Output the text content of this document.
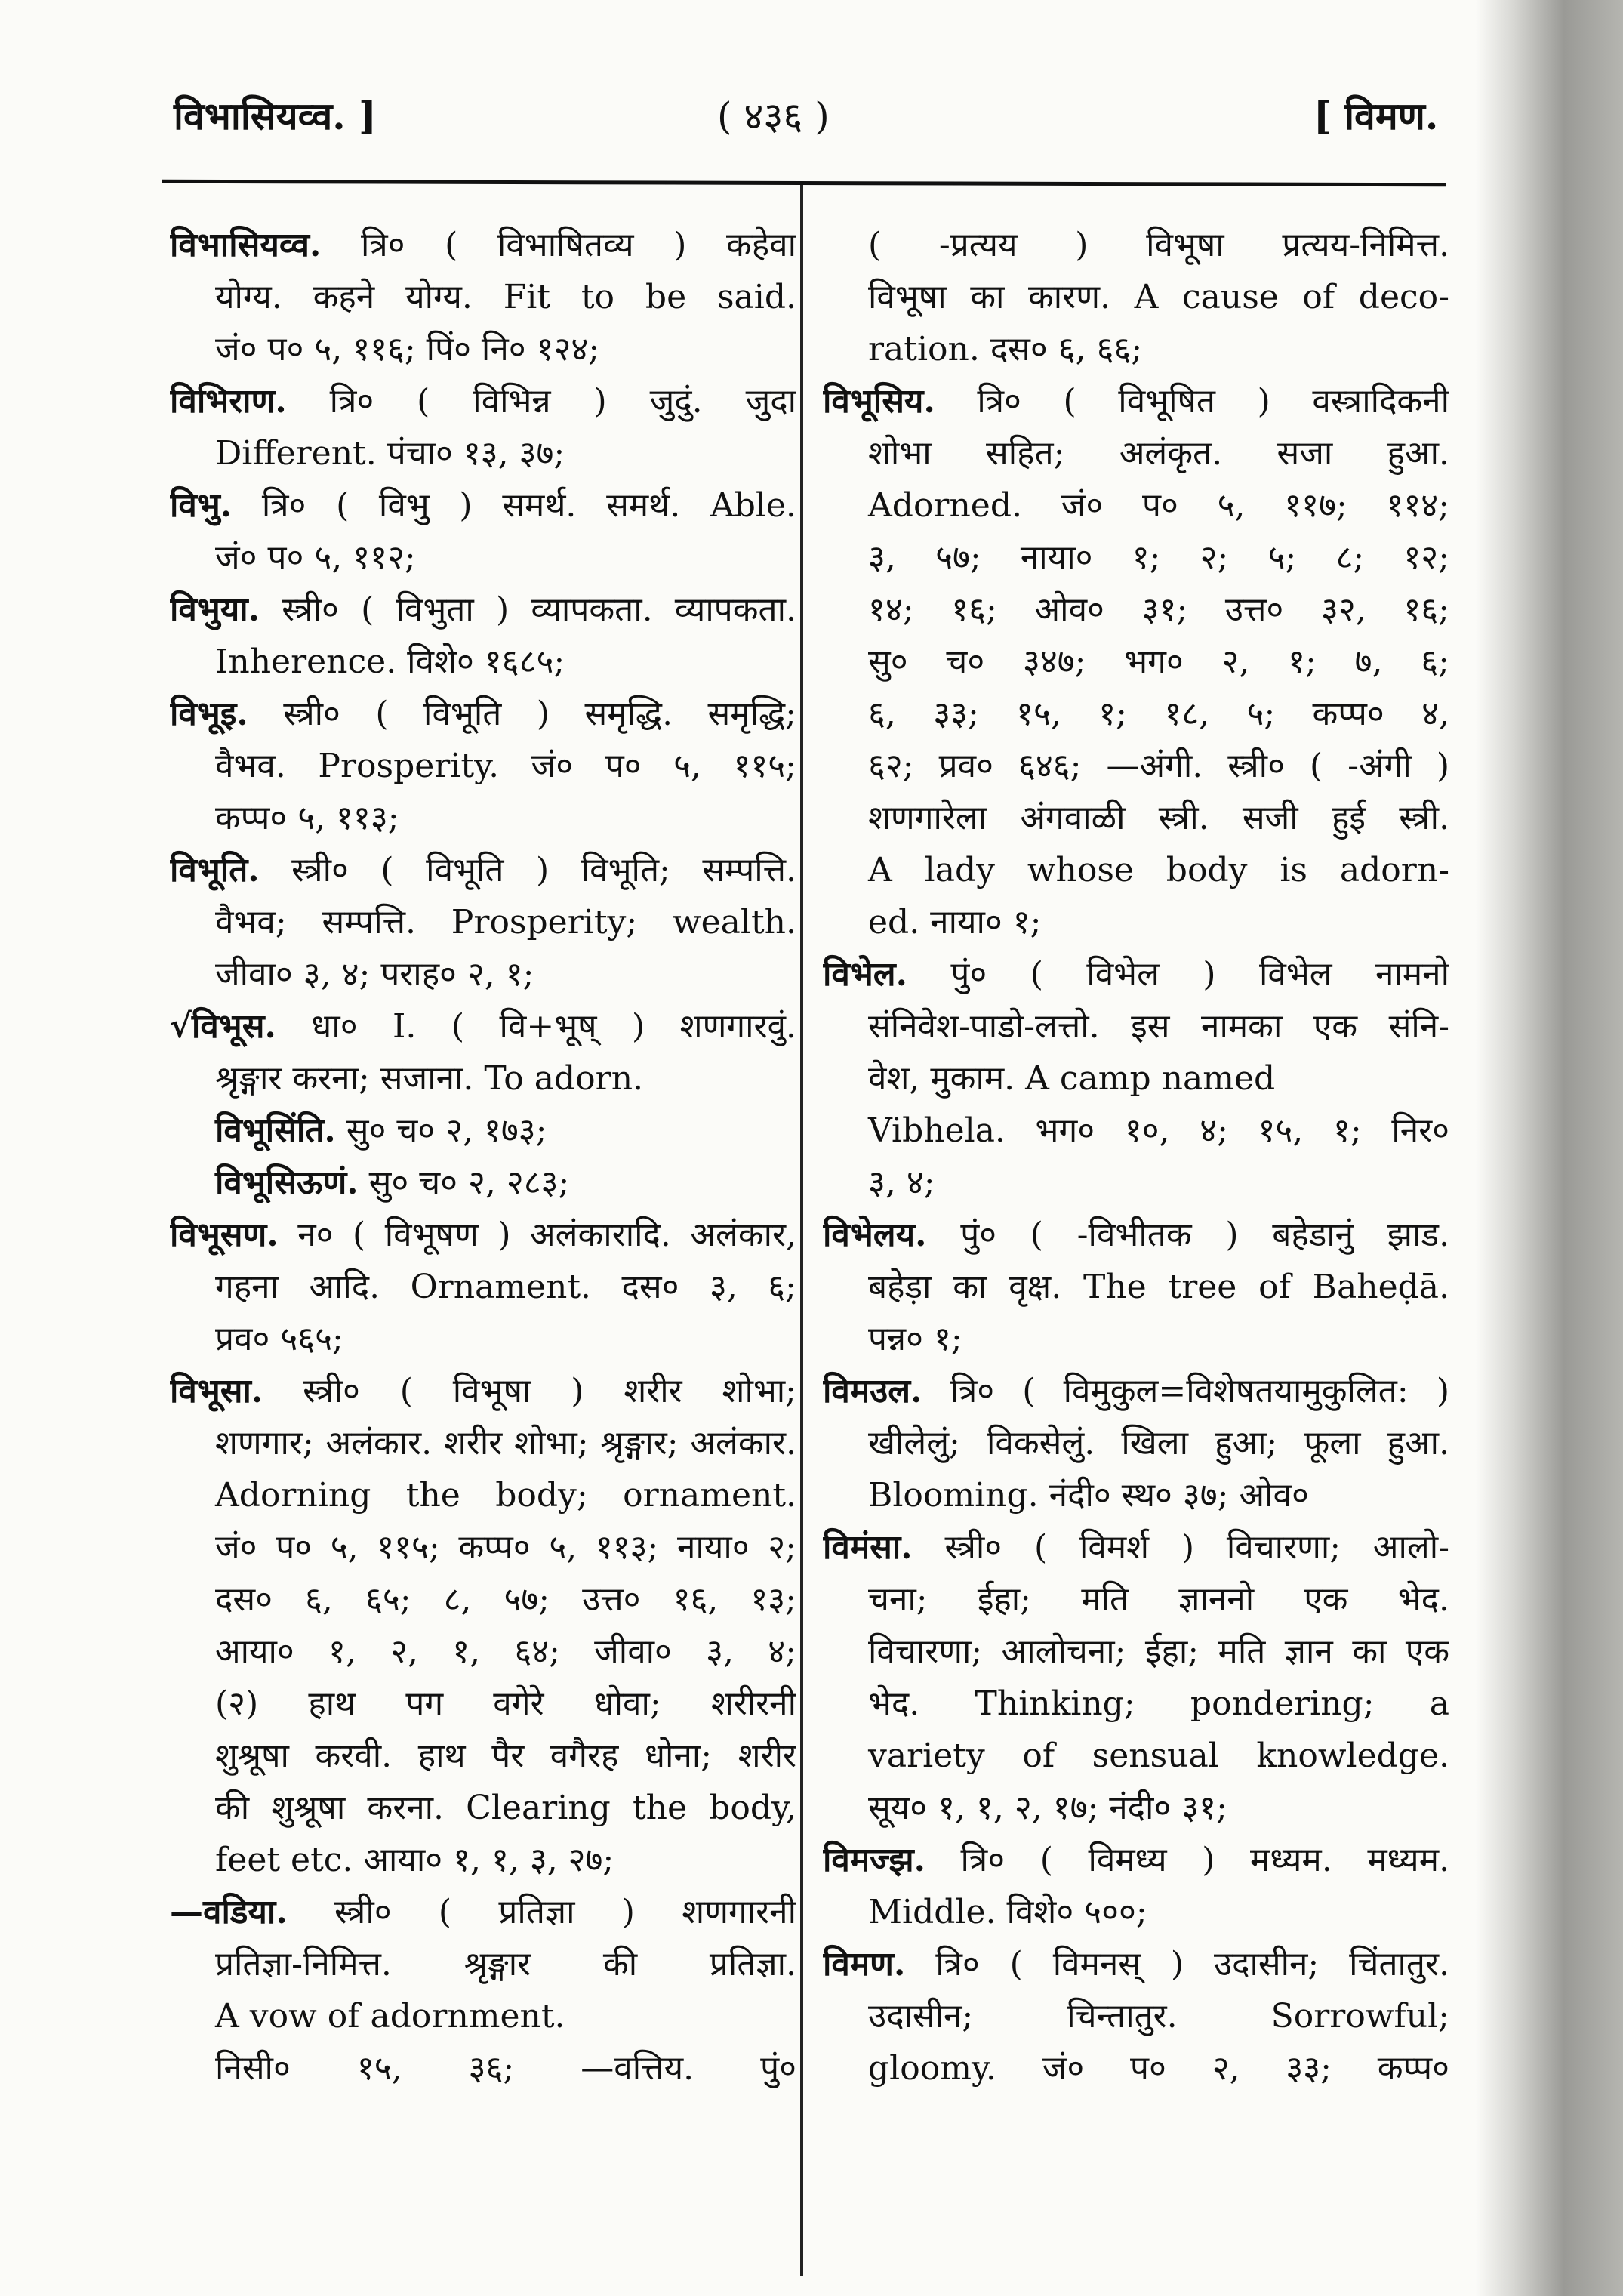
विभासियव्व. ]	( ४३६ )	[ विमण.
विभासियव्व. त्रि० ( विभाषितव्य ) कहेवा
योग्य. कहने योग्य. Fit to be said.
जं० प० ५, ११६; पिं० नि० १२४;
विभिराण. त्रि० ( विभिन्न ) जुदुं. जुदा
Different. पंचा० १३, ३७;
विभु. त्रि० ( विभु ) समर्थ. समर्थ. Able.
जं० प० ५, ११२;
विभुया. स्त्री० ( विभुता ) व्यापकता. व्यापकता.
Inherence. विशे० १६८५;
विभूइ. स्त्री० ( विभूति ) समृद्धि. समृद्धि;
वैभव. Prosperity. जं० प० ५, ११५;
कप्प० ५, ११३;
विभूति. स्त्री० ( विभूति ) विभूति; सम्पत्ति.
वैभव; सम्पत्ति. Prosperity; wealth.
जीवा० ३, ४; पराह० २, १;
√विभूस. धा० I. ( वि+भूष् ) शणगारवुं.
श्रृङ्गार करना; सजाना. To adorn.
विभूसिंति. सु० च० २, १७३;
विभूसिऊणं. सु० च० २, २८३;
विभूसण. न० ( विभूषण ) अलंकारादि. अलंकार,
गहना आदि. Ornament. दस० ३, ६;
प्रव० ५६५;
विभूसा. स्त्री० ( विभूषा ) शरीर शोभा;
शणगार; अलंकार. शरीर शोभा; श्रृङ्गार; अलंकार.
Adorning the body; ornament.
जं० प० ५, ११५; कप्प० ५, ११३; नाया० २;
दस० ६, ६५; ८, ५७; उत्त० १६, १३;
आया० १, २, १, ६४; जीवा० ३, ४;
(२) हाथ पग वगेरे धोवा; शरीरनी
शुश्रूषा करवी. हाथ पैर वगैरह धोना; शरीर
की शुश्रूषा करना. Clearing the body,
feet etc. आया० १, १, ३, २७;
—वडिया. स्त्री० ( प्रतिज्ञा ) शणगारनी
प्रतिज्ञा-निमित्त. श्रृङ्गार की प्रतिज्ञा.
A vow of adornment.
निसी० १५, ३६; —वत्तिय. पुं०
( -प्रत्यय ) विभूषा प्रत्यय-निमित्त.
विभूषा का कारण. A cause of deco-
ration. दस० ६, ६६;
विभूसिय. त्रि० ( विभूषित ) वस्त्रादिकनी
शोभा सहित; अलंकृत. सजा हुआ.
Adorned. जं० प० ५, ११७; ११४;
३, ५७; नाया० १; २; ५; ८; १२;
१४; १६; ओव० ३१; उत्त० ३२, १६;
सु० च० ३४७; भग० २, १; ७, ६;
६, ३३; १५, १; १८, ५; कप्प० ४,
६२; प्रव० ६४६; —अंगी. स्त्री० ( -अंगी )
शणगारेला अंगवाळी स्त्री. सजी हुई स्त्री.
A lady whose body is adorn-
ed. नाया० १;
विभेल. पुं० ( विभेल ) विभेल नामनो
संनिवेश-पाडो-लत्तो. इस नामका एक संनि-
वेश, मुकाम. A camp named
Vibhela. भग० १०, ४; १५, १; निर०
३, ४;
विभेलय. पुं० ( -विभीतक ) बहेडानुं झाड.
बहेड़ा का वृक्ष. The tree of Baheḍā.
पन्न० १;
विमउल. त्रि० ( विमुकुल=विशेषतयामुकुलित: )
खीलेलुं; विकसेलुं. खिला हुआ; फूला हुआ.
Blooming. नंदी० स्थ० ३७; ओव०
विमंसा. स्त्री० ( विमर्श ) विचारणा; आलो-
चना; ईहा; मति ज्ञाननो एक भेद.
विचारणा; आलोचना; ईहा; मति ज्ञान का एक
भेद. Thinking; pondering; a
variety of sensual knowledge.
सूय० १, १, २, १७; नंदी० ३१;
विमज्झ. त्रि० ( विमध्य ) मध्यम. मध्यम.
Middle. विशे० ५००;
विमण. त्रि० ( विमनस् ) उदासीन; चिंतातुर.
उदासीन; चिन्तातुर. Sorrowful;
gloomy. जं० प० २, ३३; कप्प०
